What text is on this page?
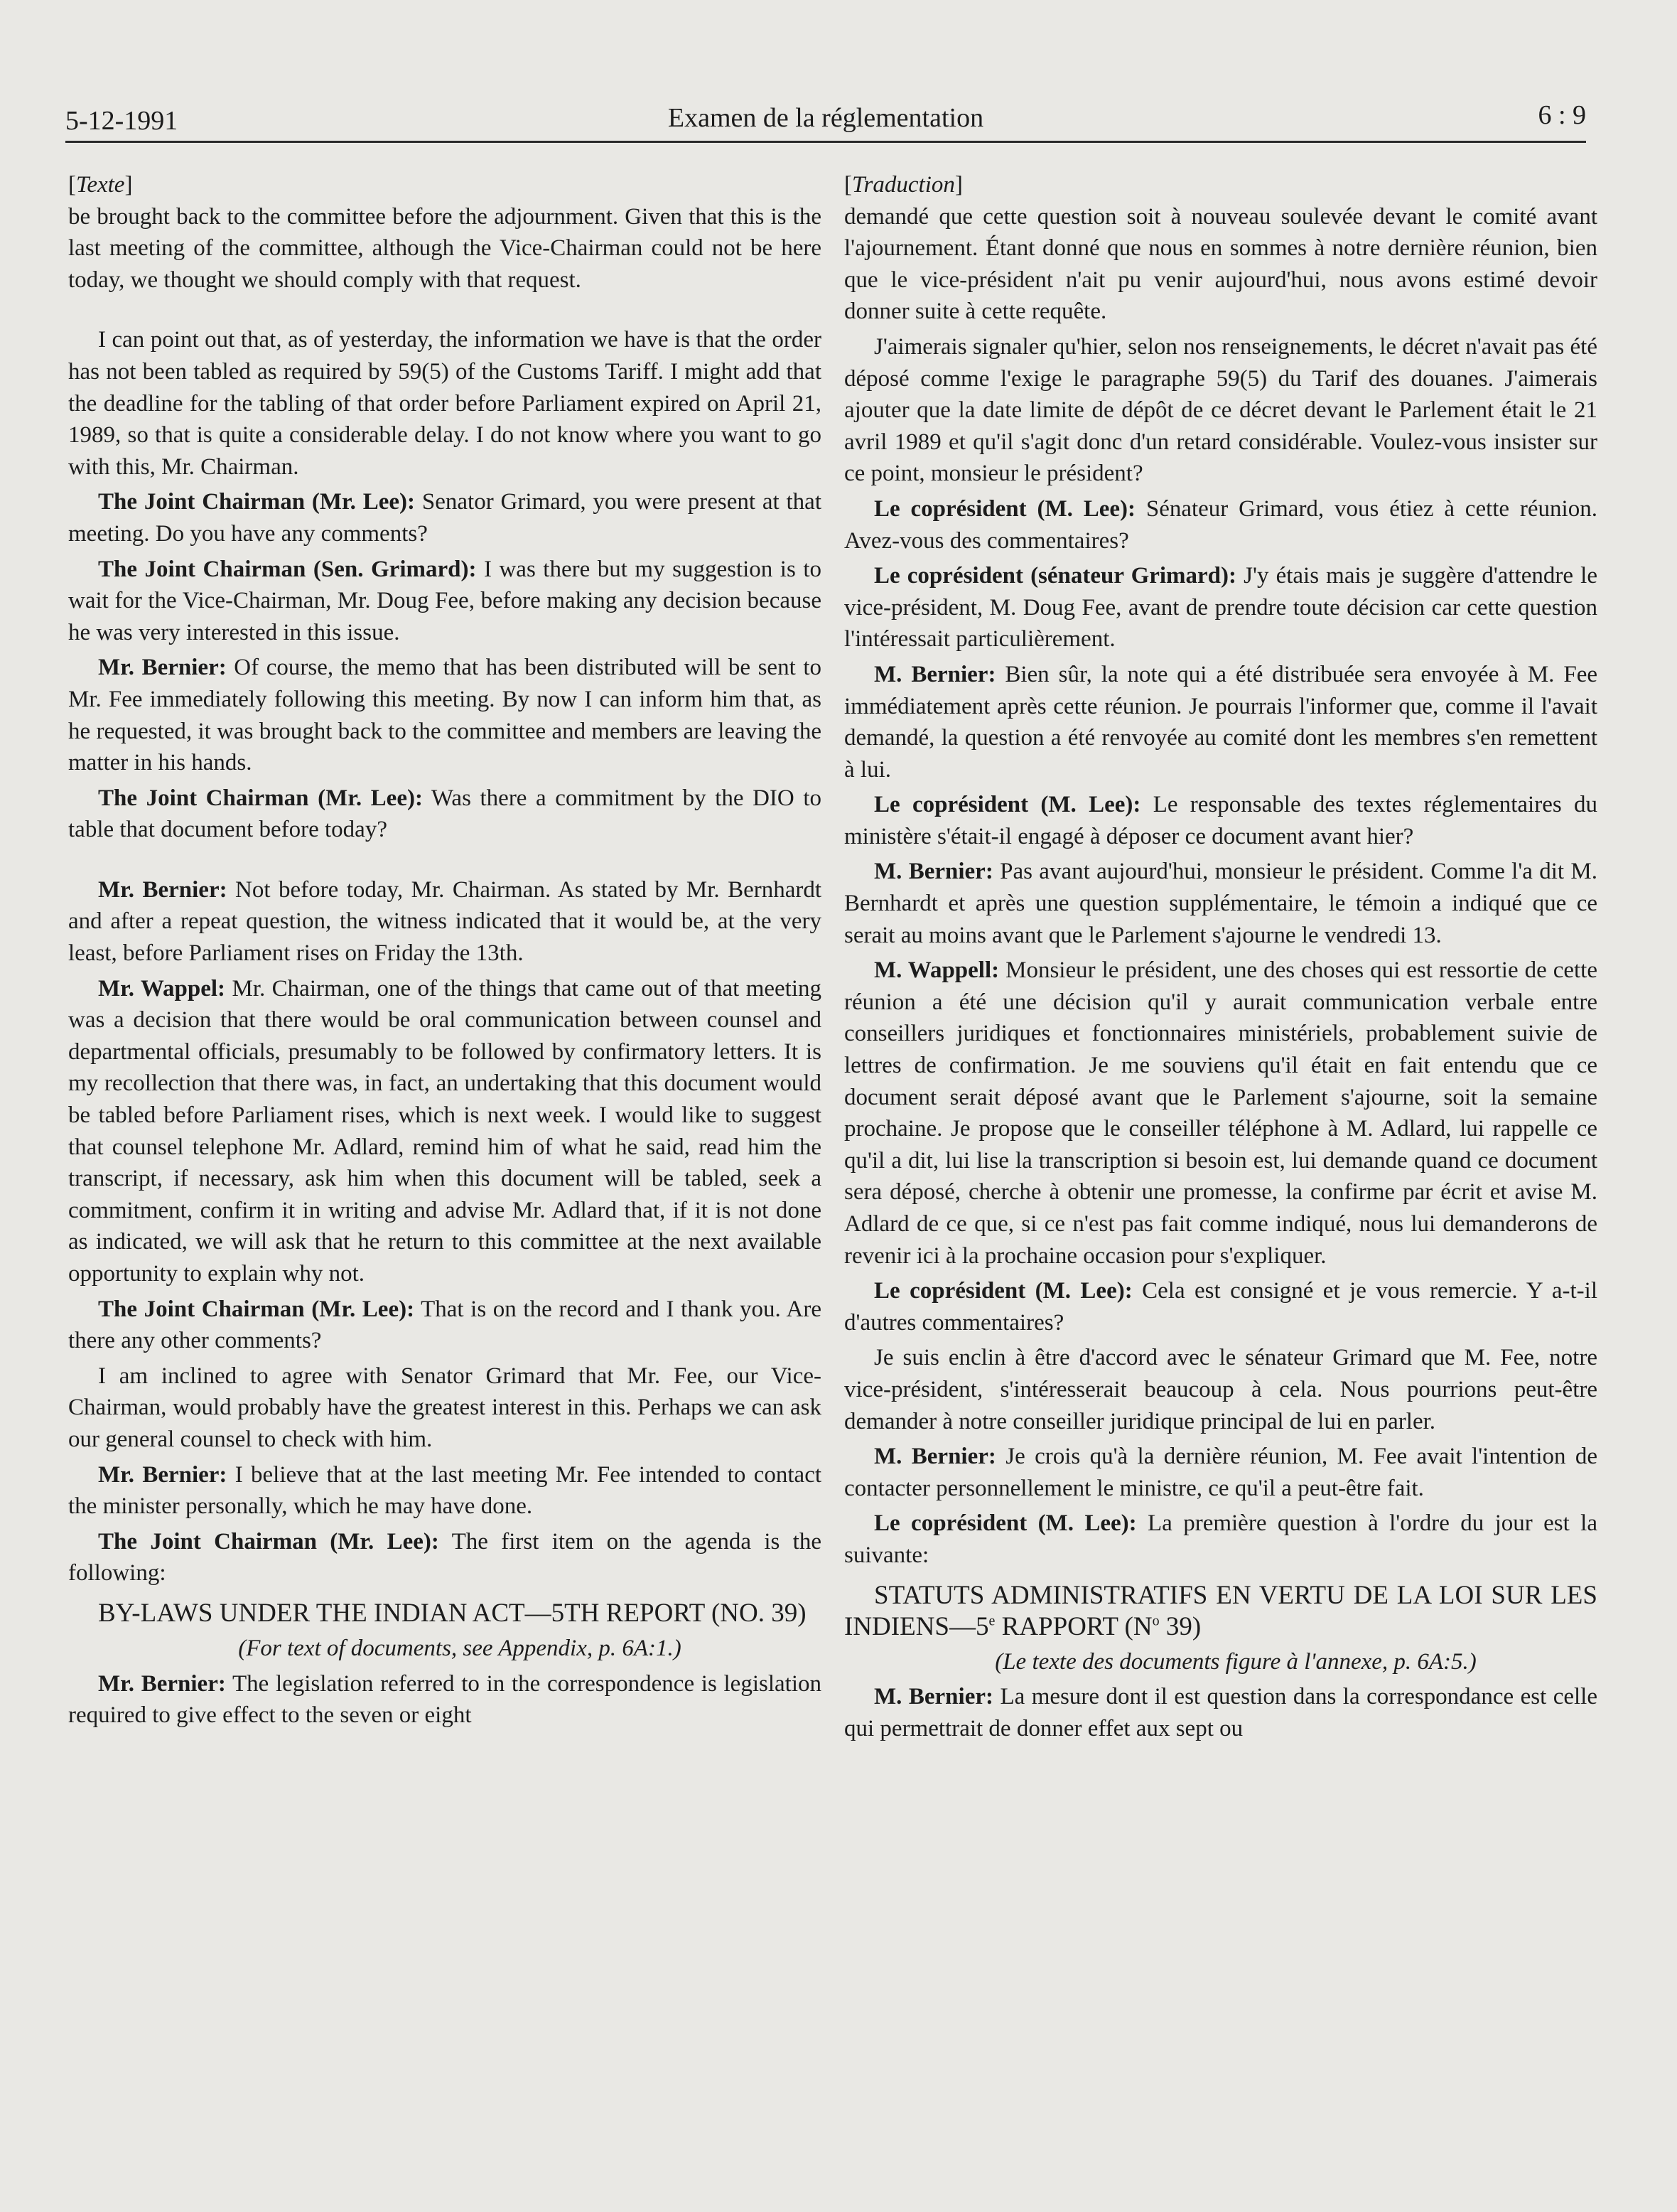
5-12-1991	Examen de la réglementation	6 : 9

[Texte]

be brought back to the committee before the adjournment. Given that this is the last meeting of the committee, although the Vice-Chairman could not be here today, we thought we should comply with that request.

I can point out that, as of yesterday, the information we have is that the order has not been tabled as required by 59(5) of the Customs Tariff. I might add that the deadline for the tabling of that order before Parliament expired on April 21, 1989, so that is quite a considerable delay. I do not know where you want to go with this, Mr. Chairman.

The Joint Chairman (Mr. Lee): Senator Grimard, you were present at that meeting. Do you have any comments?

The Joint Chairman (Sen. Grimard): I was there but my suggestion is to wait for the Vice-Chairman, Mr. Doug Fee, before making any decision because he was very interested in this issue.

Mr. Bernier: Of course, the memo that has been distributed will be sent to Mr. Fee immediately following this meeting. By now I can inform him that, as he requested, it was brought back to the committee and members are leaving the matter in his hands.

The Joint Chairman (Mr. Lee): Was there a commitment by the DIO to table that document before today?

Mr. Bernier: Not before today, Mr. Chairman. As stated by Mr. Bernhardt and after a repeat question, the witness indicated that it would be, at the very least, before Parliament rises on Friday the 13th.

Mr. Wappel: Mr. Chairman, one of the things that came out of that meeting was a decision that there would be oral communication between counsel and departmental officials, presumably to be followed by confirmatory letters. It is my recollection that there was, in fact, an undertaking that this document would be tabled before Parliament rises, which is next week. I would like to suggest that counsel telephone Mr. Adlard, remind him of what he said, read him the transcript, if necessary, ask him when this document will be tabled, seek a commitment, confirm it in writing and advise Mr. Adlard that, if it is not done as indicated, we will ask that he return to this committee at the next available opportunity to explain why not.

The Joint Chairman (Mr. Lee): That is on the record and I thank you. Are there any other comments?

I am inclined to agree with Senator Grimard that Mr. Fee, our Vice-Chairman, would probably have the greatest interest in this. Perhaps we can ask our general counsel to check with him.

Mr. Bernier: I believe that at the last meeting Mr. Fee intended to contact the minister personally, which he may have done.

The Joint Chairman (Mr. Lee): The first item on the agenda is the following:

BY-LAWS UNDER THE INDIAN ACT—5TH REPORT (NO. 39)

(For text of documents, see Appendix, p. 6A:1.)

Mr. Bernier: The legislation referred to in the correspondence is legislation required to give effect to the seven or eight

[Traduction]

demandé que cette question soit à nouveau soulevée devant le comité avant l'ajournement. Étant donné que nous en sommes à notre dernière réunion, bien que le vice-président n'ait pu venir aujourd'hui, nous avons estimé devoir donner suite à cette requête.

J'aimerais signaler qu'hier, selon nos renseignements, le décret n'avait pas été déposé comme l'exige le paragraphe 59(5) du Tarif des douanes. J'aimerais ajouter que la date limite de dépôt de ce décret devant le Parlement était le 21 avril 1989 et qu'il s'agit donc d'un retard considérable. Voulez-vous insister sur ce point, monsieur le président?

Le coprésident (M. Lee): Sénateur Grimard, vous étiez à cette réunion. Avez-vous des commentaires?

Le coprésident (sénateur Grimard): J'y étais mais je suggère d'attendre le vice-président, M. Doug Fee, avant de prendre toute décision car cette question l'intéressait particulièrement.

M. Bernier: Bien sûr, la note qui a été distribuée sera envoyée à M. Fee immédiatement après cette réunion. Je pourrais l'informer que, comme il l'avait demandé, la question a été renvoyée au comité dont les membres s'en remettent à lui.

Le coprésident (M. Lee): Le responsable des textes réglementaires du ministère s'était-il engagé à déposer ce document avant hier?

M. Bernier: Pas avant aujourd'hui, monsieur le président. Comme l'a dit M. Bernhardt et après une question supplémentaire, le témoin a indiqué que ce serait au moins avant que le Parlement s'ajourne le vendredi 13.

M. Wappell: Monsieur le président, une des choses qui est ressortie de cette réunion a été une décision qu'il y aurait communication verbale entre conseillers juridiques et fonctionnaires ministériels, probablement suivie de lettres de confirmation. Je me souviens qu'il était en fait entendu que ce document serait déposé avant que le Parlement s'ajourne, soit la semaine prochaine. Je propose que le conseiller téléphone à M. Adlard, lui rappelle ce qu'il a dit, lui lise la transcription si besoin est, lui demande quand ce document sera déposé, cherche à obtenir une promesse, la confirme par écrit et avise M. Adlard de ce que, si ce n'est pas fait comme indiqué, nous lui demanderons de revenir ici à la prochaine occasion pour s'expliquer.

Le coprésident (M. Lee): Cela est consigné et je vous remercie. Y a-t-il d'autres commentaires?

Je suis enclin à être d'accord avec le sénateur Grimard que M. Fee, notre vice-président, s'intéresserait beaucoup à cela. Nous pourrions peut-être demander à notre conseiller juridique principal de lui en parler.

M. Bernier: Je crois qu'à la dernière réunion, M. Fee avait l'intention de contacter personnellement le ministre, ce qu'il a peut-être fait.

Le coprésident (M. Lee): La première question à l'ordre du jour est la suivante:

STATUTS ADMINISTRATIFS EN VERTU DE LA LOI SUR LES INDIENS—5e RAPPORT ($N^o$ 39)

(Le texte des documents figure à l'annexe, p. 6A:5.)

M. Bernier: La mesure dont il est question dans la correspondance est celle qui permettrait de donner effet aux sept ou
